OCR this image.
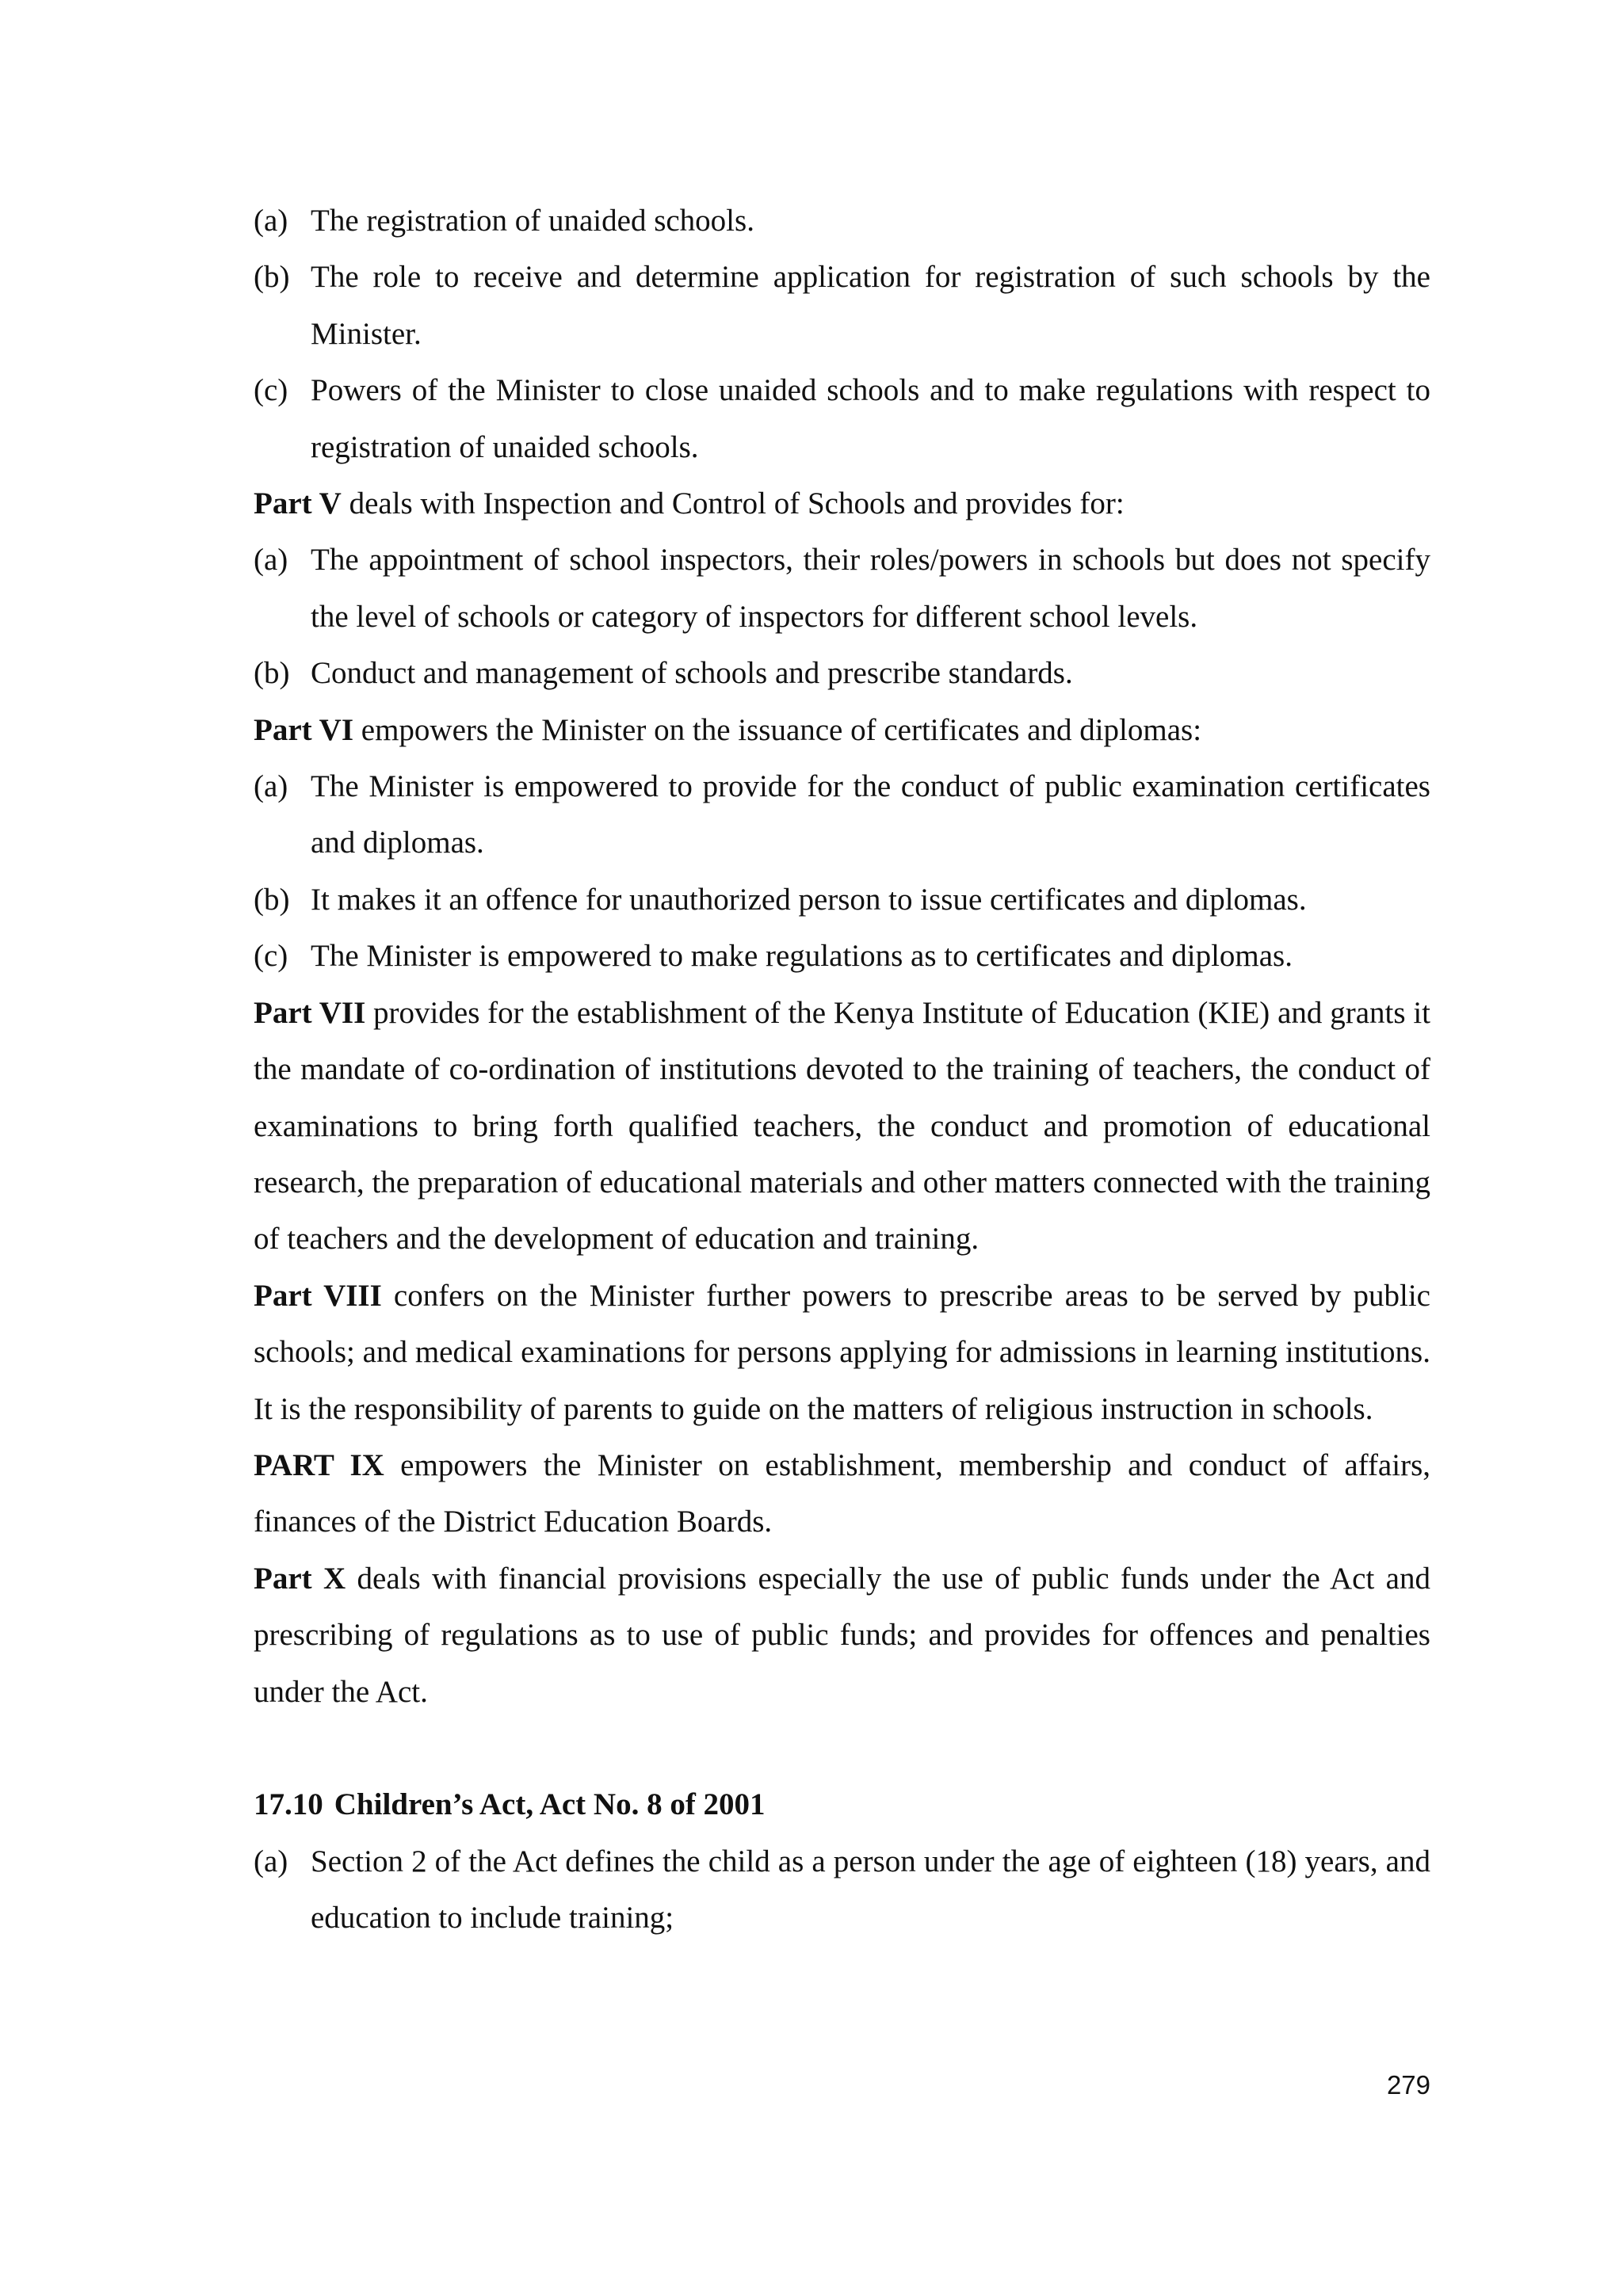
(a) The registration of unaided schools.
(b) The role to receive and determine application for registration of such schools by the Minister.
(c) Powers of the Minister to close unaided schools and to make regulations with respect to registration of unaided schools.

Part V deals with Inspection and Control of Schools and provides for:

(a) The appointment of school inspectors, their roles/powers in schools but does not specify the level of schools or category of inspectors for different school levels.
(b) Conduct and management of schools and prescribe standards.

Part VI empowers the Minister on the issuance of certificates and diplomas:

(a) The Minister is empowered to provide for the conduct of public examination certificates and diplomas.
(b) It makes it an offence for unauthorized person to issue certificates and diplomas.
(c) The Minister is empowered to make regulations as to certificates and diplomas.

Part VII provides for the establishment of the Kenya Institute of Education (KIE) and grants it the mandate of co-ordination of institutions devoted to the training of teachers, the conduct of examinations to bring forth qualified teachers, the conduct and promotion of educational research, the preparation of educational materials and other matters connected with the training of teachers and the development of education and training.

Part VIII confers on the Minister further powers to prescribe areas to be served by public schools; and medical examinations for persons applying for admissions in learning institutions. It is the responsibility of parents to guide on the matters of religious instruction in schools.

PART IX empowers the Minister on establishment, membership and conduct of affairs, finances of the District Education Boards.

Part X deals with financial provisions especially the use of public funds under the Act and prescribing of regulations as to use of public funds; and provides for offences and penalties under the Act.

17.10 Children’s Act, Act No. 8 of 2001

(a) Section 2 of the Act defines the child as a person under the age of eighteen (18) years, and education to include training;
279
